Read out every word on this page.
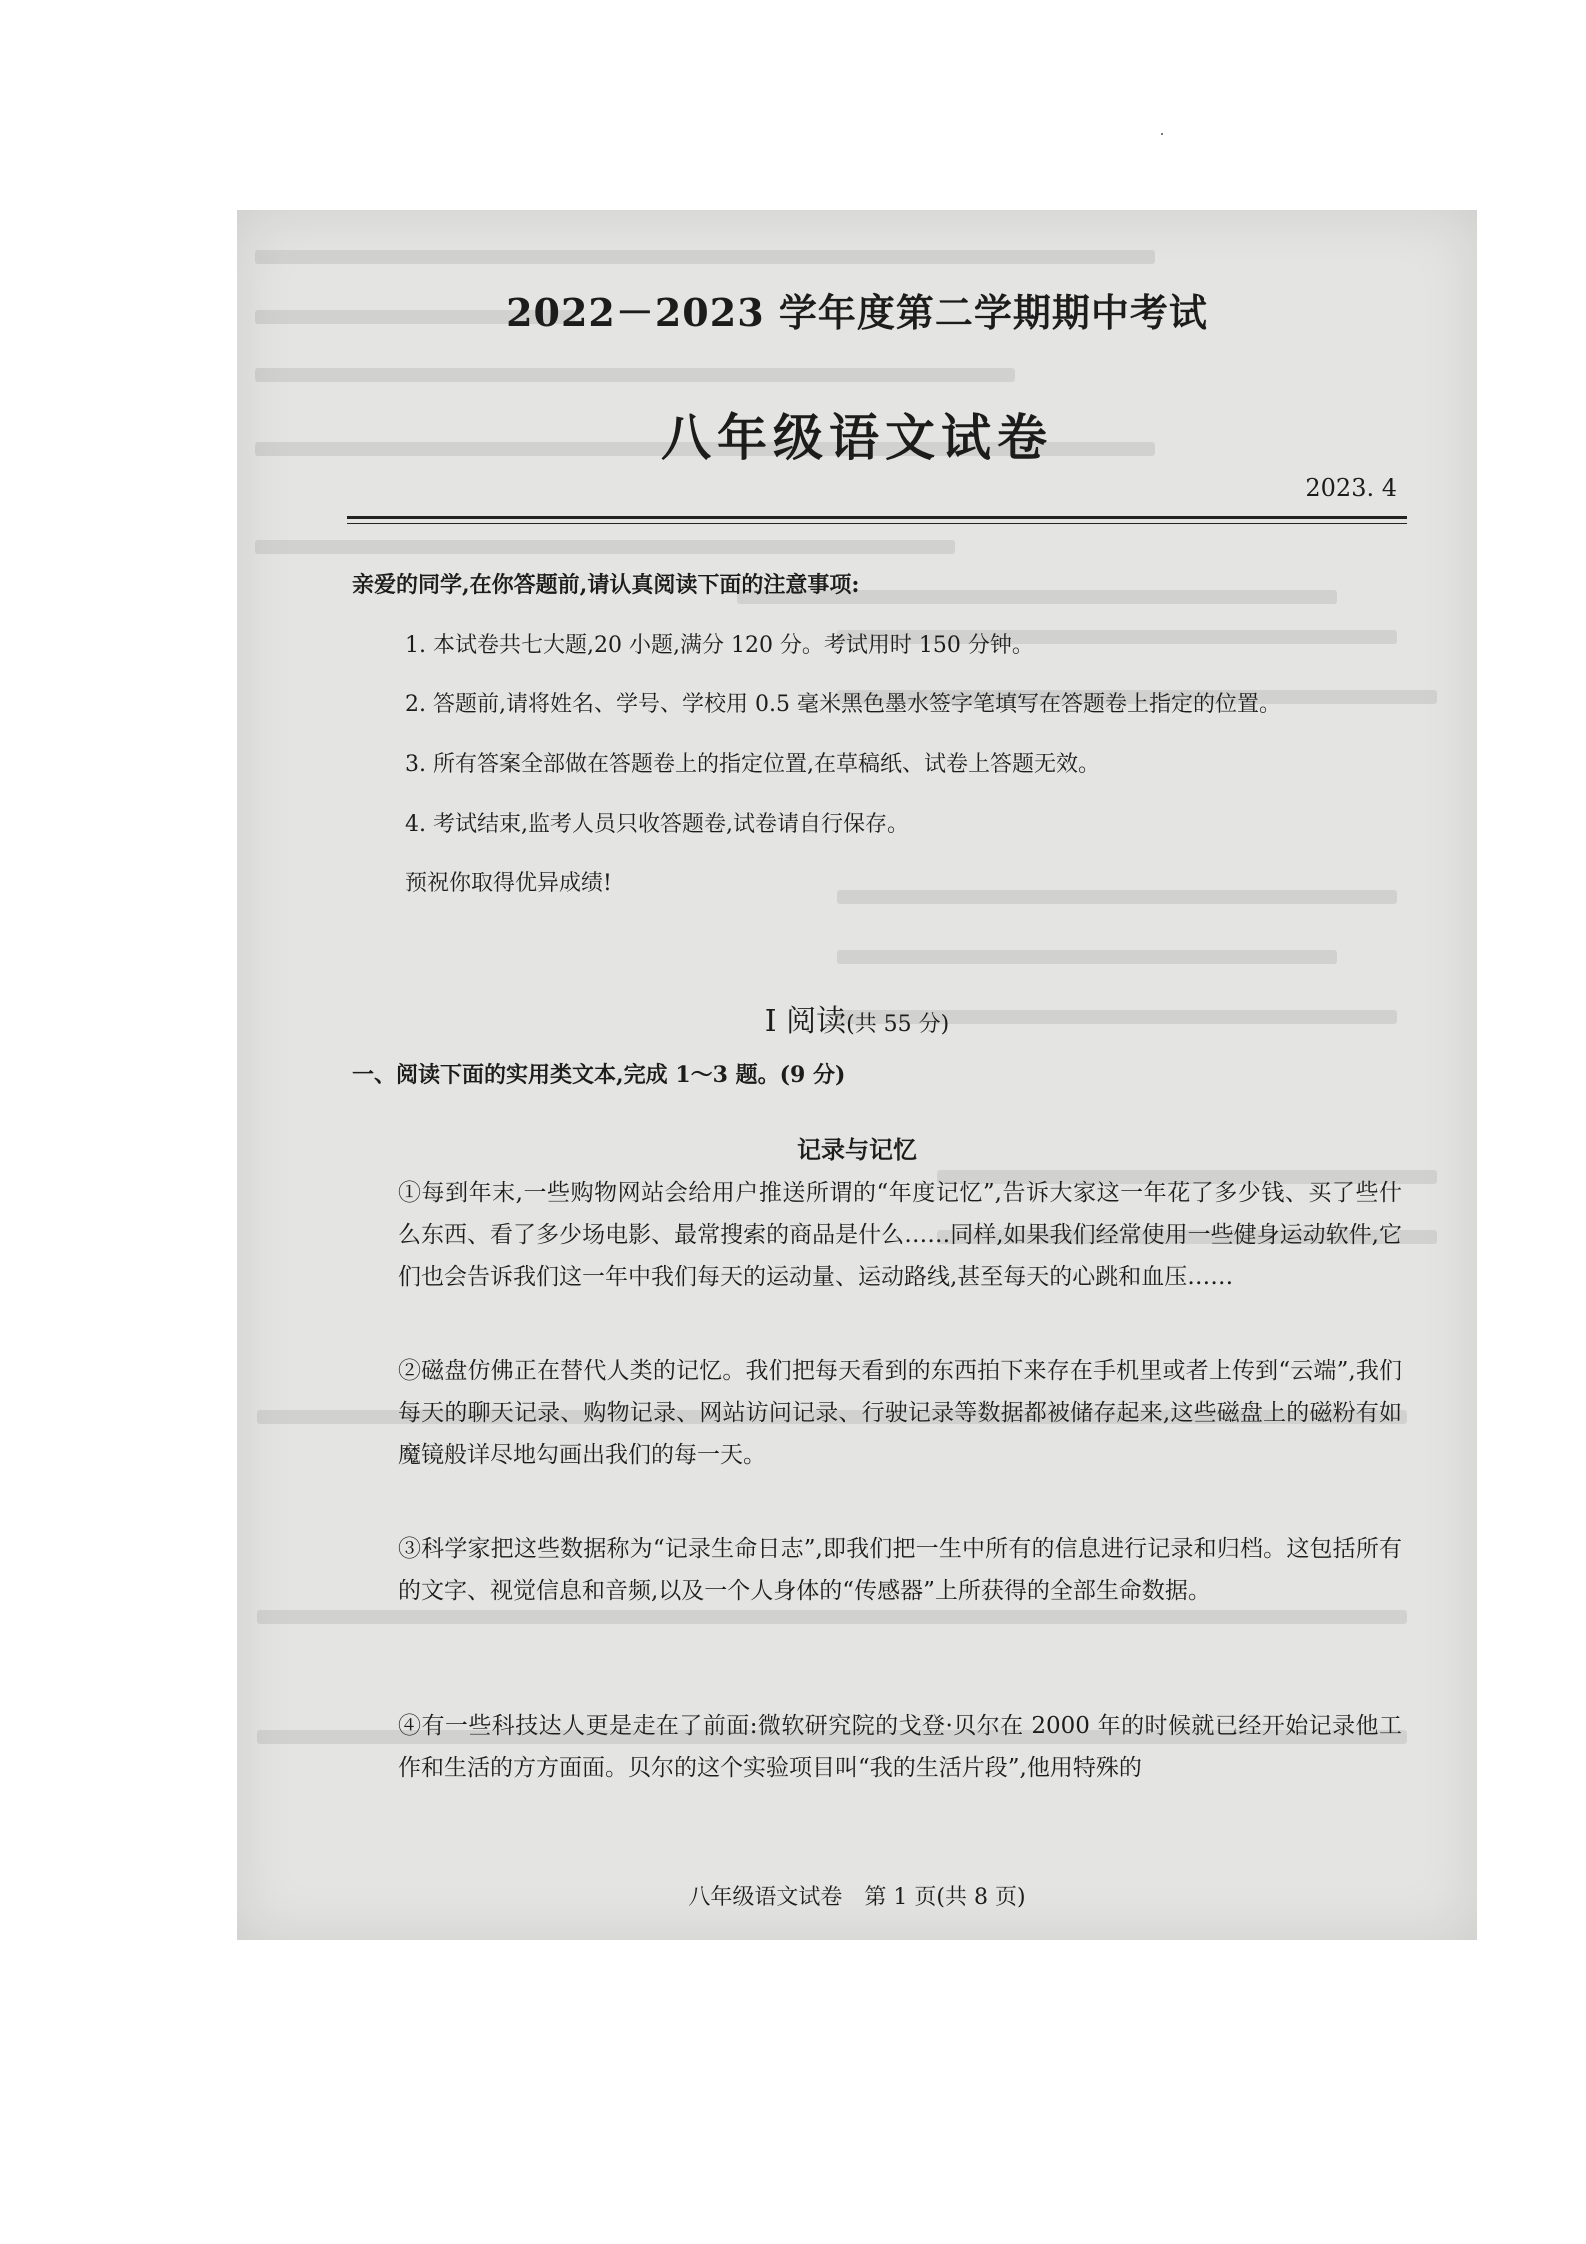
2022－2023 学年度第二学期期中考试
八年级语文试卷
2023. 4
亲爱的同学,在你答题前,请认真阅读下面的注意事项:
1. 本试卷共七大题,20 小题,满分 120 分。考试用时 150 分钟。
2. 答题前,请将姓名、学号、学校用 0.5 毫米黑色墨水签字笔填写在答题卷上指定的位置。
3. 所有答案全部做在答题卷上的指定位置,在草稿纸、试卷上答题无效。
4. 考试结束,监考人员只收答题卷,试卷请自行保存。
预祝你取得优异成绩!
I 阅读(共 55 分)
一、阅读下面的实用类文本,完成 1～3 题。(9 分)
记录与记忆
①每到年末,一些购物网站会给用户推送所谓的“年度记忆”,告诉大家这一年花了多少钱、买了些什么东西、看了多少场电影、最常搜索的商品是什么……同样,如果我们经常使用一些健身运动软件,它们也会告诉我们这一年中我们每天的运动量、运动路线,甚至每天的心跳和血压……
②磁盘仿佛正在替代人类的记忆。我们把每天看到的东西拍下来存在手机里或者上传到“云端”,我们每天的聊天记录、购物记录、网站访问记录、行驶记录等数据都被储存起来,这些磁盘上的磁粉有如魔镜般详尽地勾画出我们的每一天。
③科学家把这些数据称为“记录生命日志”,即我们把一生中所有的信息进行记录和归档。这包括所有的文字、视觉信息和音频,以及一个人身体的“传感器”上所获得的全部生命数据。
④有一些科技达人更是走在了前面:微软研究院的戈登·贝尔在 2000 年的时候就已经开始记录他工作和生活的方方面面。贝尔的这个实验项目叫“我的生活片段”,他用特殊的
八年级语文试卷　第 1 页(共 8 页)
